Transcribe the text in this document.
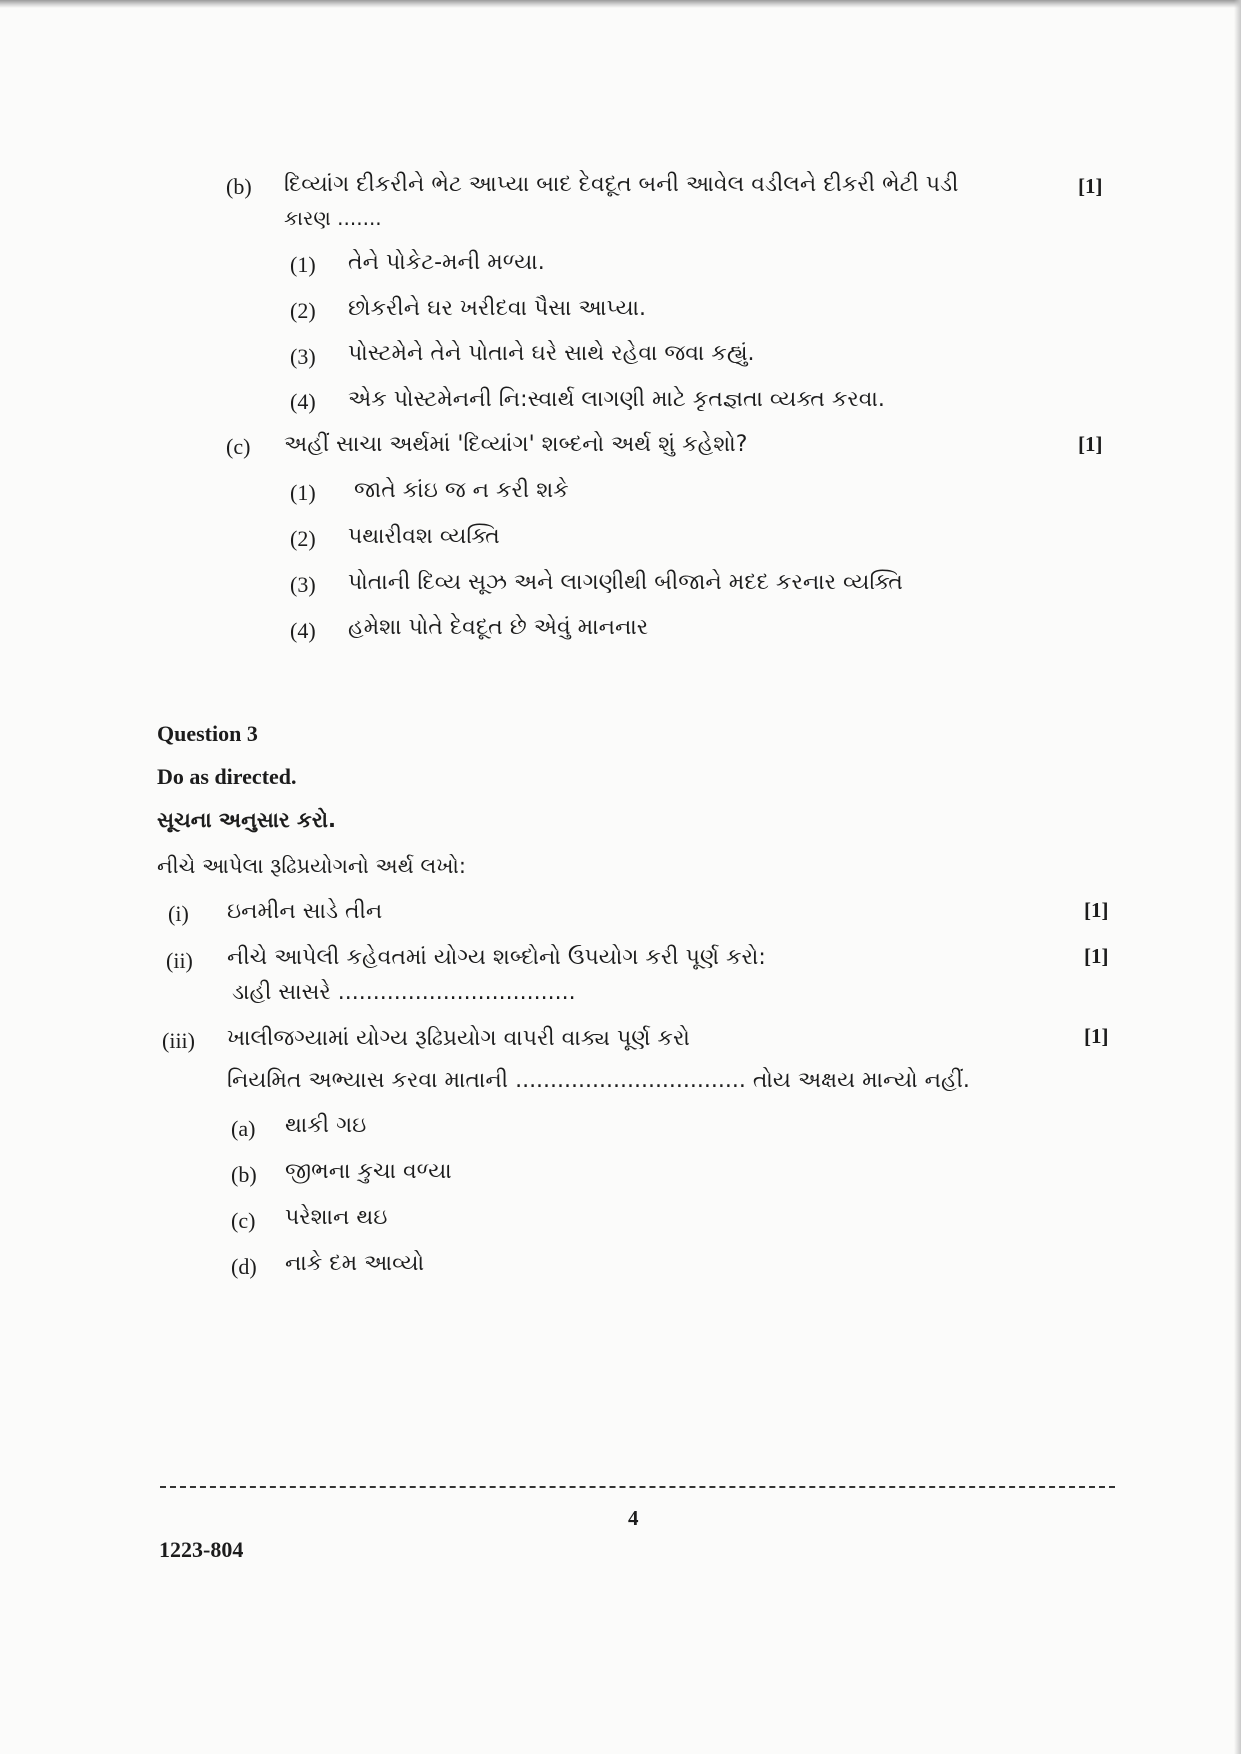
(b) દિવ્યાંગ દીકરીને ભેટ આપ્યા બાદ દેવદૂત બની આવેલ વડીલને દીકરી ભેટી પડી	[1]
કારણ .......
(1) તેને પોકેટ-મની મળ્યા.
(2) છોકરીને ઘર ખરીદવા પૈસા આપ્યા.
(3) પોસ્ટમેને તેને પોતાને ઘરે સાથે રહેવા જવા કહ્યું.
(4) એક પોસ્ટમેનની નિ:સ્વાર્થ લાગણી માટે કૃતજ્ઞતા વ્યક્ત કરવા.
(c) અહીં સાચા અર્થમાં 'દિવ્યાંગ' શબ્દનો અર્થ શું કહેશો?	[1]
(1) જાતે કાંઇ જ ન કરી શકે
(2) પથારીવશ વ્યક્તિ
(3) પોતાની દિવ્ય સૂઝ અને લાગણીથી બીજાને મદદ કરનાર વ્યક્તિ
(4) હમેશા પોતે દેવદૂત છે એવું માનનાર
Question 3
Do as directed.
સૂચના અનુસાર કરો.
નીચે આપેલા રૂઢિપ્રયોગનો અર્થ લખો:
(i) ઇનમીન સાડે તીન	[1]
(ii) નીચે આપેલી કહેવતમાં યોગ્ય શબ્દોનો ઉપયોગ કરી પૂર્ણ કરો:	[1]
ડાહી સાસરે ..................................
(iii) ખાલીજગ્યામાં યોગ્ય રૂઢિપ્રયોગ વાપરી વાક્ય પૂર્ણ કરો	[1]
નિયમિત અભ્યાસ કરવા માતાની ................................. તોય અક્ષય માન્યો નહીં.
(a) થાકી ગઇ
(b) જીભના કુચા વળ્યા
(c) પરેશાન થઇ
(d) નાકે દમ આવ્યો
4
1223-804
